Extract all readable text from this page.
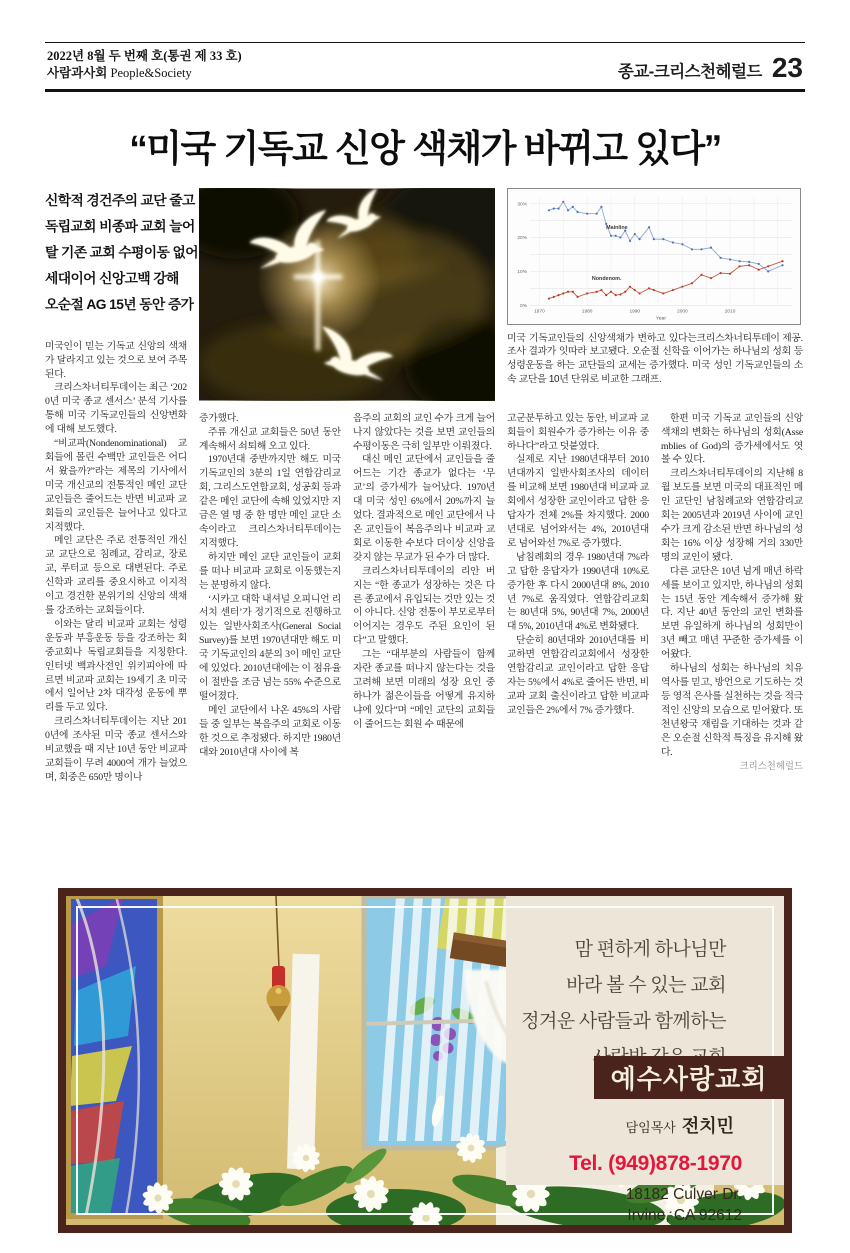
2022년 8월 두 번째 호(통권 제 33 호)
사람과사회 People&Society	종교-크리스천헤럴드 23
“미국 기독교 신앙 색채가 바뀌고 있다”
신학적 경건주의 교단 줄고
독립교회 비종파 교회 늘어
탈 기존 교회 수평이동 없어
세대이어 신앙고백 강해
오순절 AG 15년 동안 증가

미국인이 믿는 기독교 신앙의 색채가 달라지고 있는 것으로 보여 주목된다.

크리스차너티투데이는 최근 ‘2020년 미국 종교 센서스’ 분석 기사를 통해 미국 기독교인들의 신앙변화에 대해 보도했다.

“비교파(Nondenominational) 교회들에 몰린 수백만 교인들은 어디서 왔을까?”라는 제목의 기사에서 미국 개신교의 전통적인 메인 교단 교인들은 줄어드는 반면 비교파 교회들의 교인들은 늘어나고 있다고 지적했다.

메인 교단은 주로 전통적인 개신교 교단으로 침례교, 감리교, 장로교, 루터교 등으로 대변된다. 주로 신학과 교리를 중요시하고 이지적이고 경건한 분위기의 신앙의 색채를 강조하는 교회들이다.

이와는 달리 비교파 교회는 성령운동과 부흥운동 등을 강조하는 회중교회나 독립교회들을 지칭한다. 인터넷 백과사전인 위키피아에 따르면 비교파 교회는 19세기 초 미국에서 일어난 2차 대각성 운동에 뿌리를 두고 있다.

크리스차너티투데이는 지난 2010년에 조사된 미국 종교 센서스와 비교했을 때 지난 10년 동안 비교파 교회들이 무려 4000여 개가 늘었으며, 회중은 650만 명이나

증가했다.

주류 개신교 교회들은 50년 동안 계속해서 쇠퇴해 오고 있다.

1970년대 중반까지만 해도 미국 기독교인의 3분의 1일 연합감리교회, 그리스도연합교회, 성공회 등과 같은 메인 교단에 속해 있었지만 지금은 열 명 중 한 명만 메인 교단 소속이라고 크리스차너티투데이는 지적했다.

하지만 메인 교단 교인들이 교회를 떠나 비교파 교회로 이동했는지는 분명하지 않다.

‘시카고 대학 내셔널 오피니언 리서치 센터’가 정기적으로 진행하고 있는 일반사회조사(General Social Survey)를 보면 1970년대만 해도 미국 기독교인의 4분의 3이 메인 교단에 있었다. 2010년대에는 이 점유율이 절반을 조금 넘는 55% 수준으로 떨어졌다.

메인 교단에서 나온 45%의 사람들 중 일부는 복음주의 교회로 이동한 것으로 추정됐다. 하지만 1980년대와 2010년대 사이에 복

음주의 교회의 교인 수가 크게 늘어나지 않았다는 것을 보면 교인들의 수평이동은 극히 일부만 이뤄졌다.

대신 메인 교단에서 교인들을 줄어드는 기간 종교가 없다는 ‘무교’의 증가세가 늘어났다. 1970년대 미국 성인 6%에서 20%까지 늘었다. 결과적으로 메인 교단에서 나온 교인들이 복음주의나 비교파 교회로 이동한 수보다 더이상 신앙을 갖지 않는 무교가 된 수가 더 많다.

크리스차너티투데이의 리안 버지는 “한 종교가 성장하는 것은 다른 종교에서 유입되는 것만 있는 것이 아니다. 신앙 전통이 부모로부터 이어지는 경우도 주된 요인이 된다”고 말했다.

그는 “대부분의 사람들이 함께 자란 종교를 떠나지 않는다는 것을 고려해 보면 미래의 성장 요인 중 하나가 젊은이들을 어떻게 유지하냐에 있다”며 “메인 교단의 교회들이 줄어드는 회원 수 때문에

0%
10%
20%
30%
1970	1980	1990	2000	2010
Year
Mainline
Nondenom.
크리스차너티투데이 제공.
미국 기독교인들의 신앙색채가 변하고 있다는 조사 결과가 잇따라 보고됐다. 오순절 신학을 이어가는 하나님의 성회 등 성령운동을 하는 교단들의 교세는 증가했다. 미국 성인 기독교인들의 소속 교단을 10년 단위로 비교한 그래프.

고군분투하고 있는 동안, 비교파 교회들이 회원수가 증가하는 이유 중 하나다”라고 덧붙였다.

실제로 지난 1980년대부터 2010년대까지 일반사회조사의 데이터를 비교해 보면 1980년대 비교파 교회에서 성장한 교인이라고 답한 응답자가 전체 2%를 차지했다. 2000년대로 넘어와서는 4%, 2010년대로 넘어와선 7%로 증가했다.

남침례회의 경우 1980년대 7%라고 답한 응답자가 1990년대 10%로 증가한 후 다시 2000년대 8%, 2010년 7%로 움직였다. 연합감리교회는 80년대 5%, 90년대 7%, 2000년대 5%, 2010년대 4%로 변화됐다.

단순히 80년대와 2010년대를 비교하면 연합감리교회에서 성장한 연합감리교 교인이라고 답한 응답자는 5%에서 4%로 줄어든 반면, 비교파 교회 출신이라고 답한 비교파 교인들은 2%에서 7% 증가했다.

한편 미국 기독교 교인들의 신앙색채의 변화는 하나님의 성회(Assemblies of God)의 증가세에서도 엿볼 수 있다.

크리스차너티투데이의 지난해 8월 보도를 보면 미국의 대표적인 메인 교단인 남침례교와 연합감리교회는 2005년과 2019년 사이에 교인 수가 크게 감소된 반면 하나님의 성회는 16% 이상 성장해 거의 330만 명의 교인이 됐다.

다른 교단은 10년 넘게 매년 하락세를 보이고 있지만, 하나님의 성회는 15년 동안 계속해서 증가해 왔다. 지난 40년 동안의 교인 변화를 보면 유일하게 하나님의 성회만이 3년 빼고 매년 꾸준한 증가세를 이어왔다.

하나님의 성회는 하나님의 치유 역사를 믿고, 방언으로 기도하는 것 등 영적 은사를 실천하는 것을 적극적인 신앙의 모습으로 믿어왔다. 또 천년왕국 재림을 기대하는 것과 같은 오순절 신학적 특징을 유지해 왔다.

크리스천헤럴드

맘 편하게 하나님만
바라 볼 수 있는 교회
정겨운 사람들과 함께하는
예수사랑교회
담임목사 전치민
Tel. (949)878-1970
18182 Culver Dr.
Irvine, CA 92612
